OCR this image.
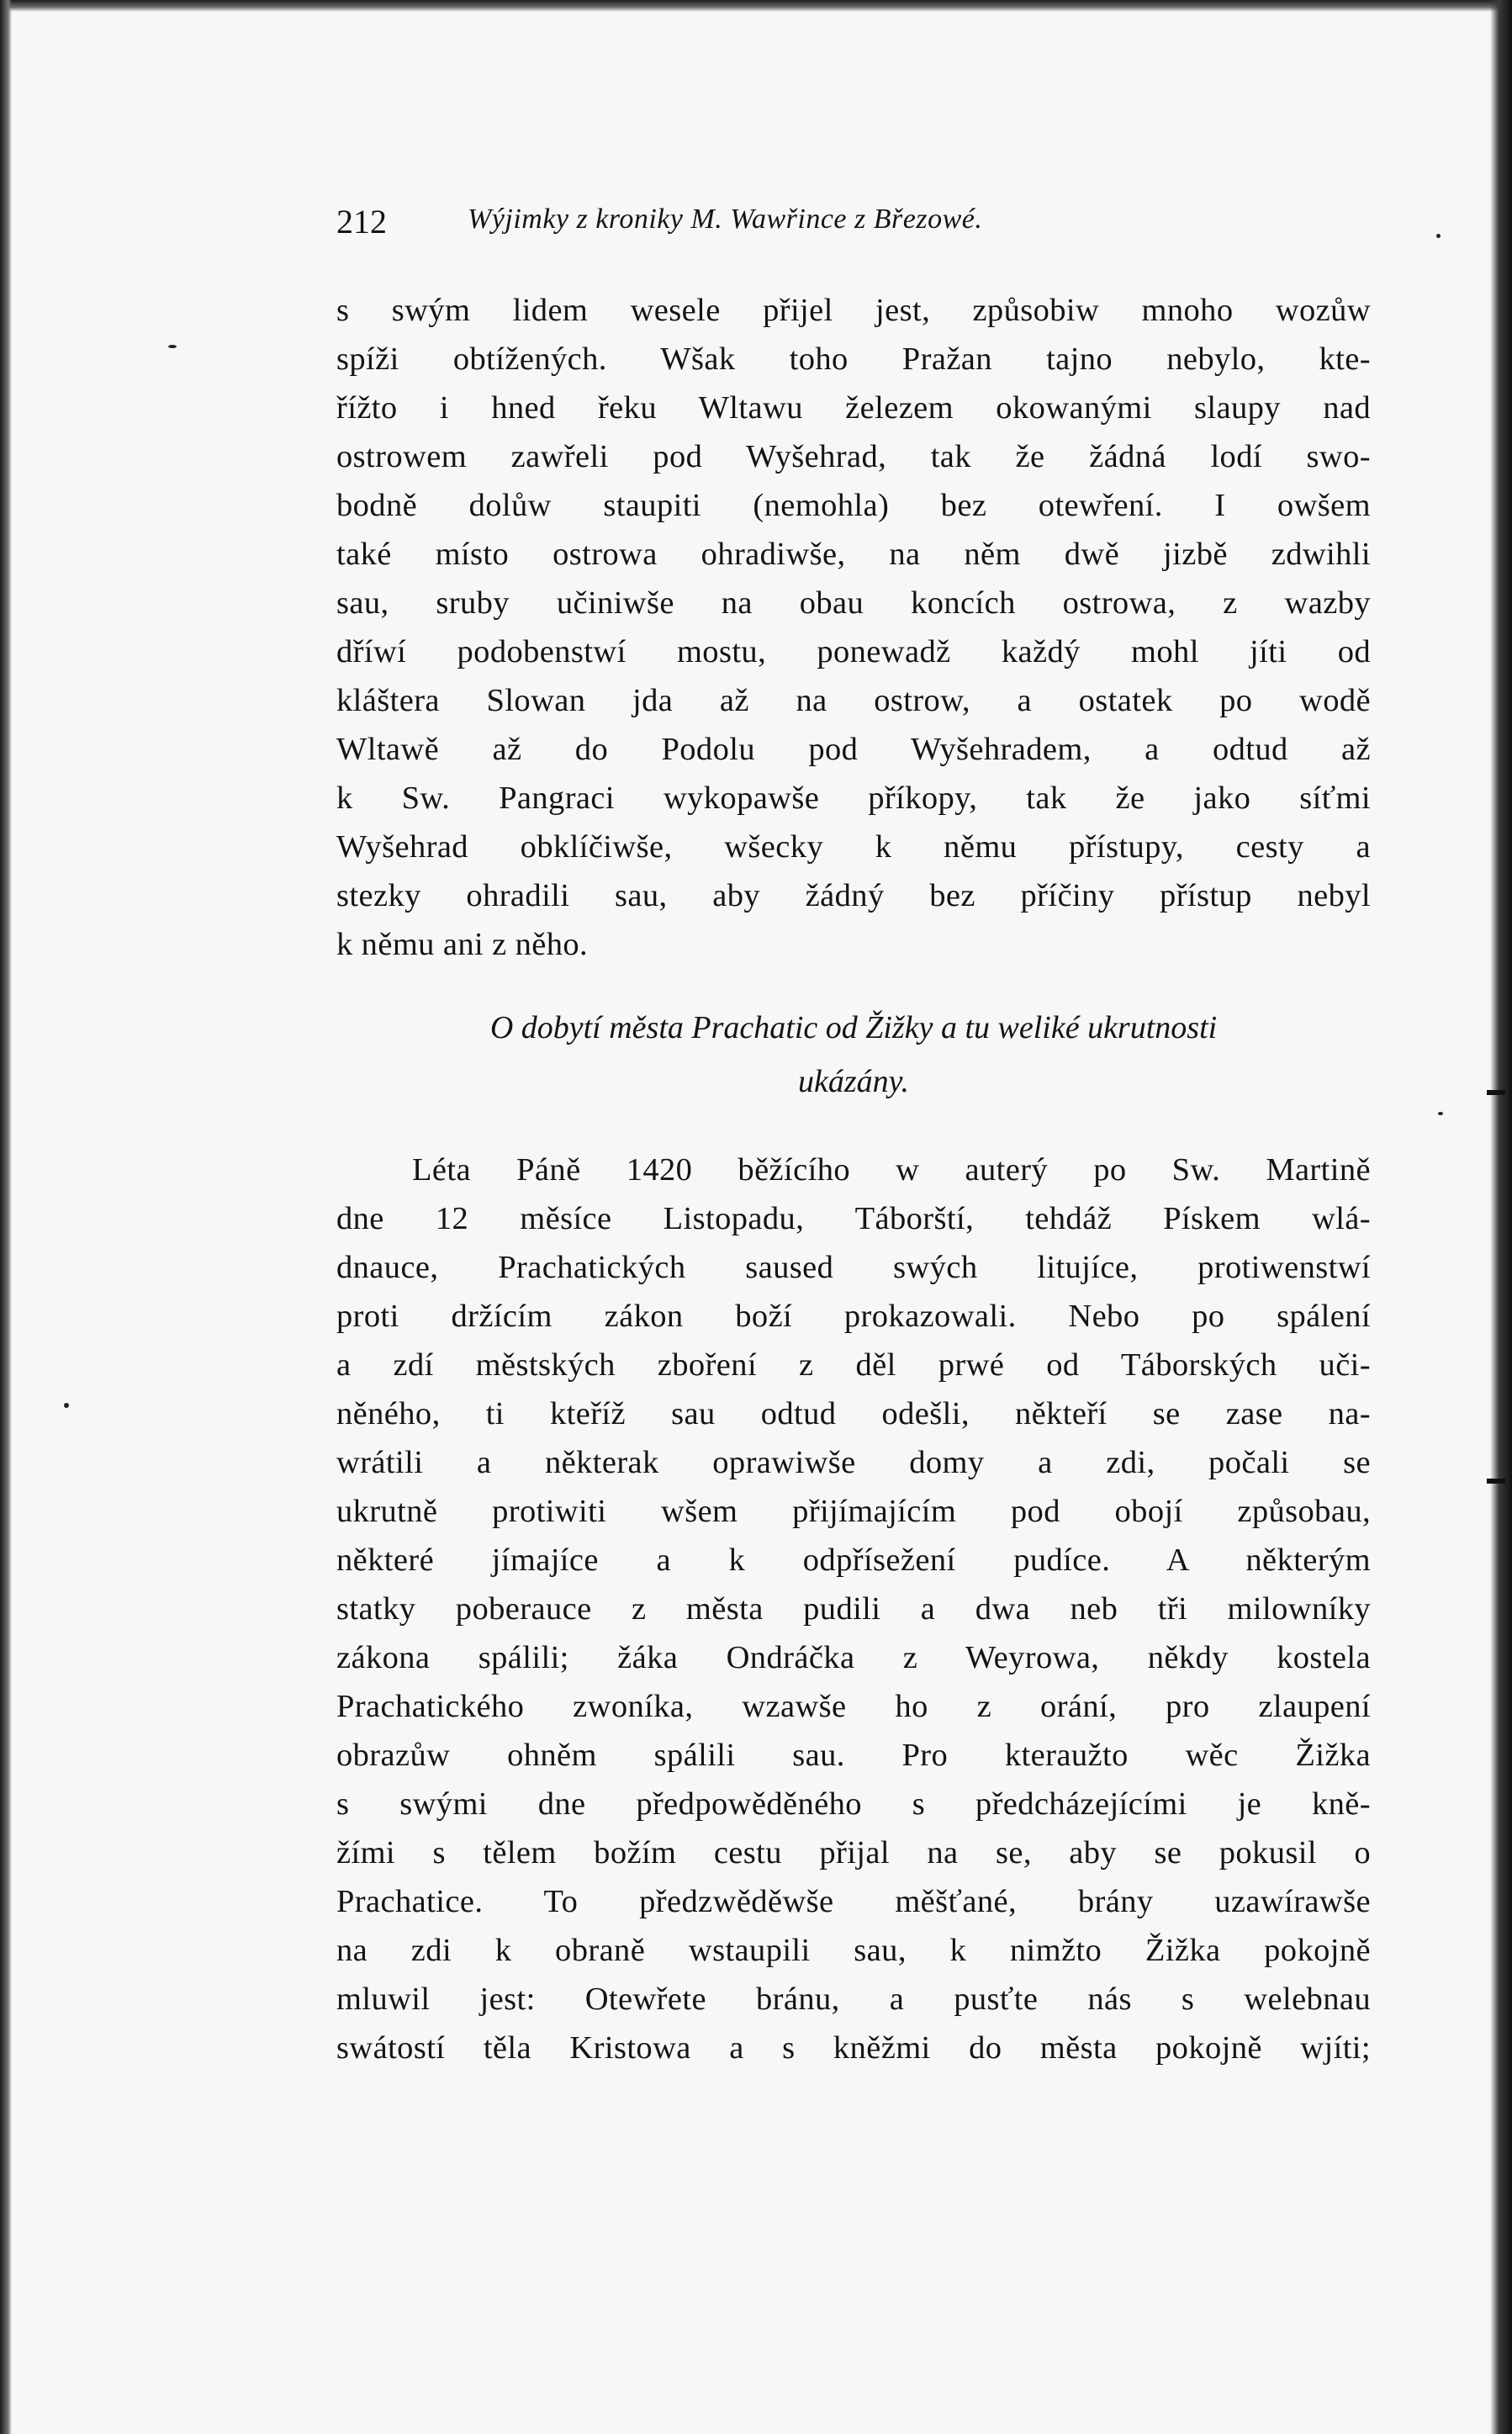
212	Wýjimky z kroniky M. Wawřince z Březowé.
s swým lidem wesele přijel jest, způsobiw mnoho wozůw
spíži obtížených. Wšak toho Pražan tajno nebylo, kte-
řížto i hned řeku Wltawu železem okowanými slaupy nad
ostrowem zawřeli pod Wyšehrad, tak že žádná lodí swo-
bodně dolůw staupiti (nemohla) bez otewření. I owšem
také místo ostrowa ohradiwše, na něm dwě jizbě zdwihli
sau, sruby učiniwše na obau koncích ostrowa, z wazby
dříwí podobenstwí mostu, ponewadž každý mohl jíti od
kláštera Slowan jda až na ostrow, a ostatek po wodě
Wltawě až do Podolu pod Wyšehradem, a odtud až
k Sw. Pangraci wykopawše příkopy, tak že jako síťmi
Wyšehrad obklíčiwše, wšecky k němu přístupy, cesty a
stezky ohradili sau, aby žádný bez příčiny přístup nebyl
k němu ani z něho.
O dobytí města Prachatic od Žižky a tu weliké ukrutnosti
ukázány.
Léta Páně 1420 běžícího w auterý po Sw. Martině
dne 12 měsíce Listopadu, Táborští, tehdáž Pískem wlá-
dnauce, Prachatických saused swých litujíce, protiwenstwí
proti držícím zákon boží prokazowali. Nebo po spálení
a zdí městských zboření z děl prwé od Táborských uči-
něného, ti kteříž sau odtud odešli, někteří se zase na-
wrátili a některak oprawiwše domy a zdi, počali se
ukrutně protiwiti wšem přijímajícím pod obojí způsobau,
některé jímajíce a k odpřísežení pudíce. A některým
statky poberauce z města pudili a dwa neb tři milowníky
zákona spálili; žáka Ondráčka z Weyrowa, někdy kostela
Prachatického zwoníka, wzawše ho z orání, pro zlaupení
obrazůw ohněm spálili sau. Pro kteraužto wěc Žižka
s swými dne předpowěděného s předcházejícími je kně-
žími s tělem božím cestu přijal na se, aby se pokusil o
Prachatice. To předzwěděwše měšťané, brány uzawírawše
na zdi k obraně wstaupili sau, k nimžto Žižka pokojně
mluwil jest: Otewřete bránu, a pusťte nás s welebnau
swátostí těla Kristowa a s kněžmi do města pokojně wjíti;
